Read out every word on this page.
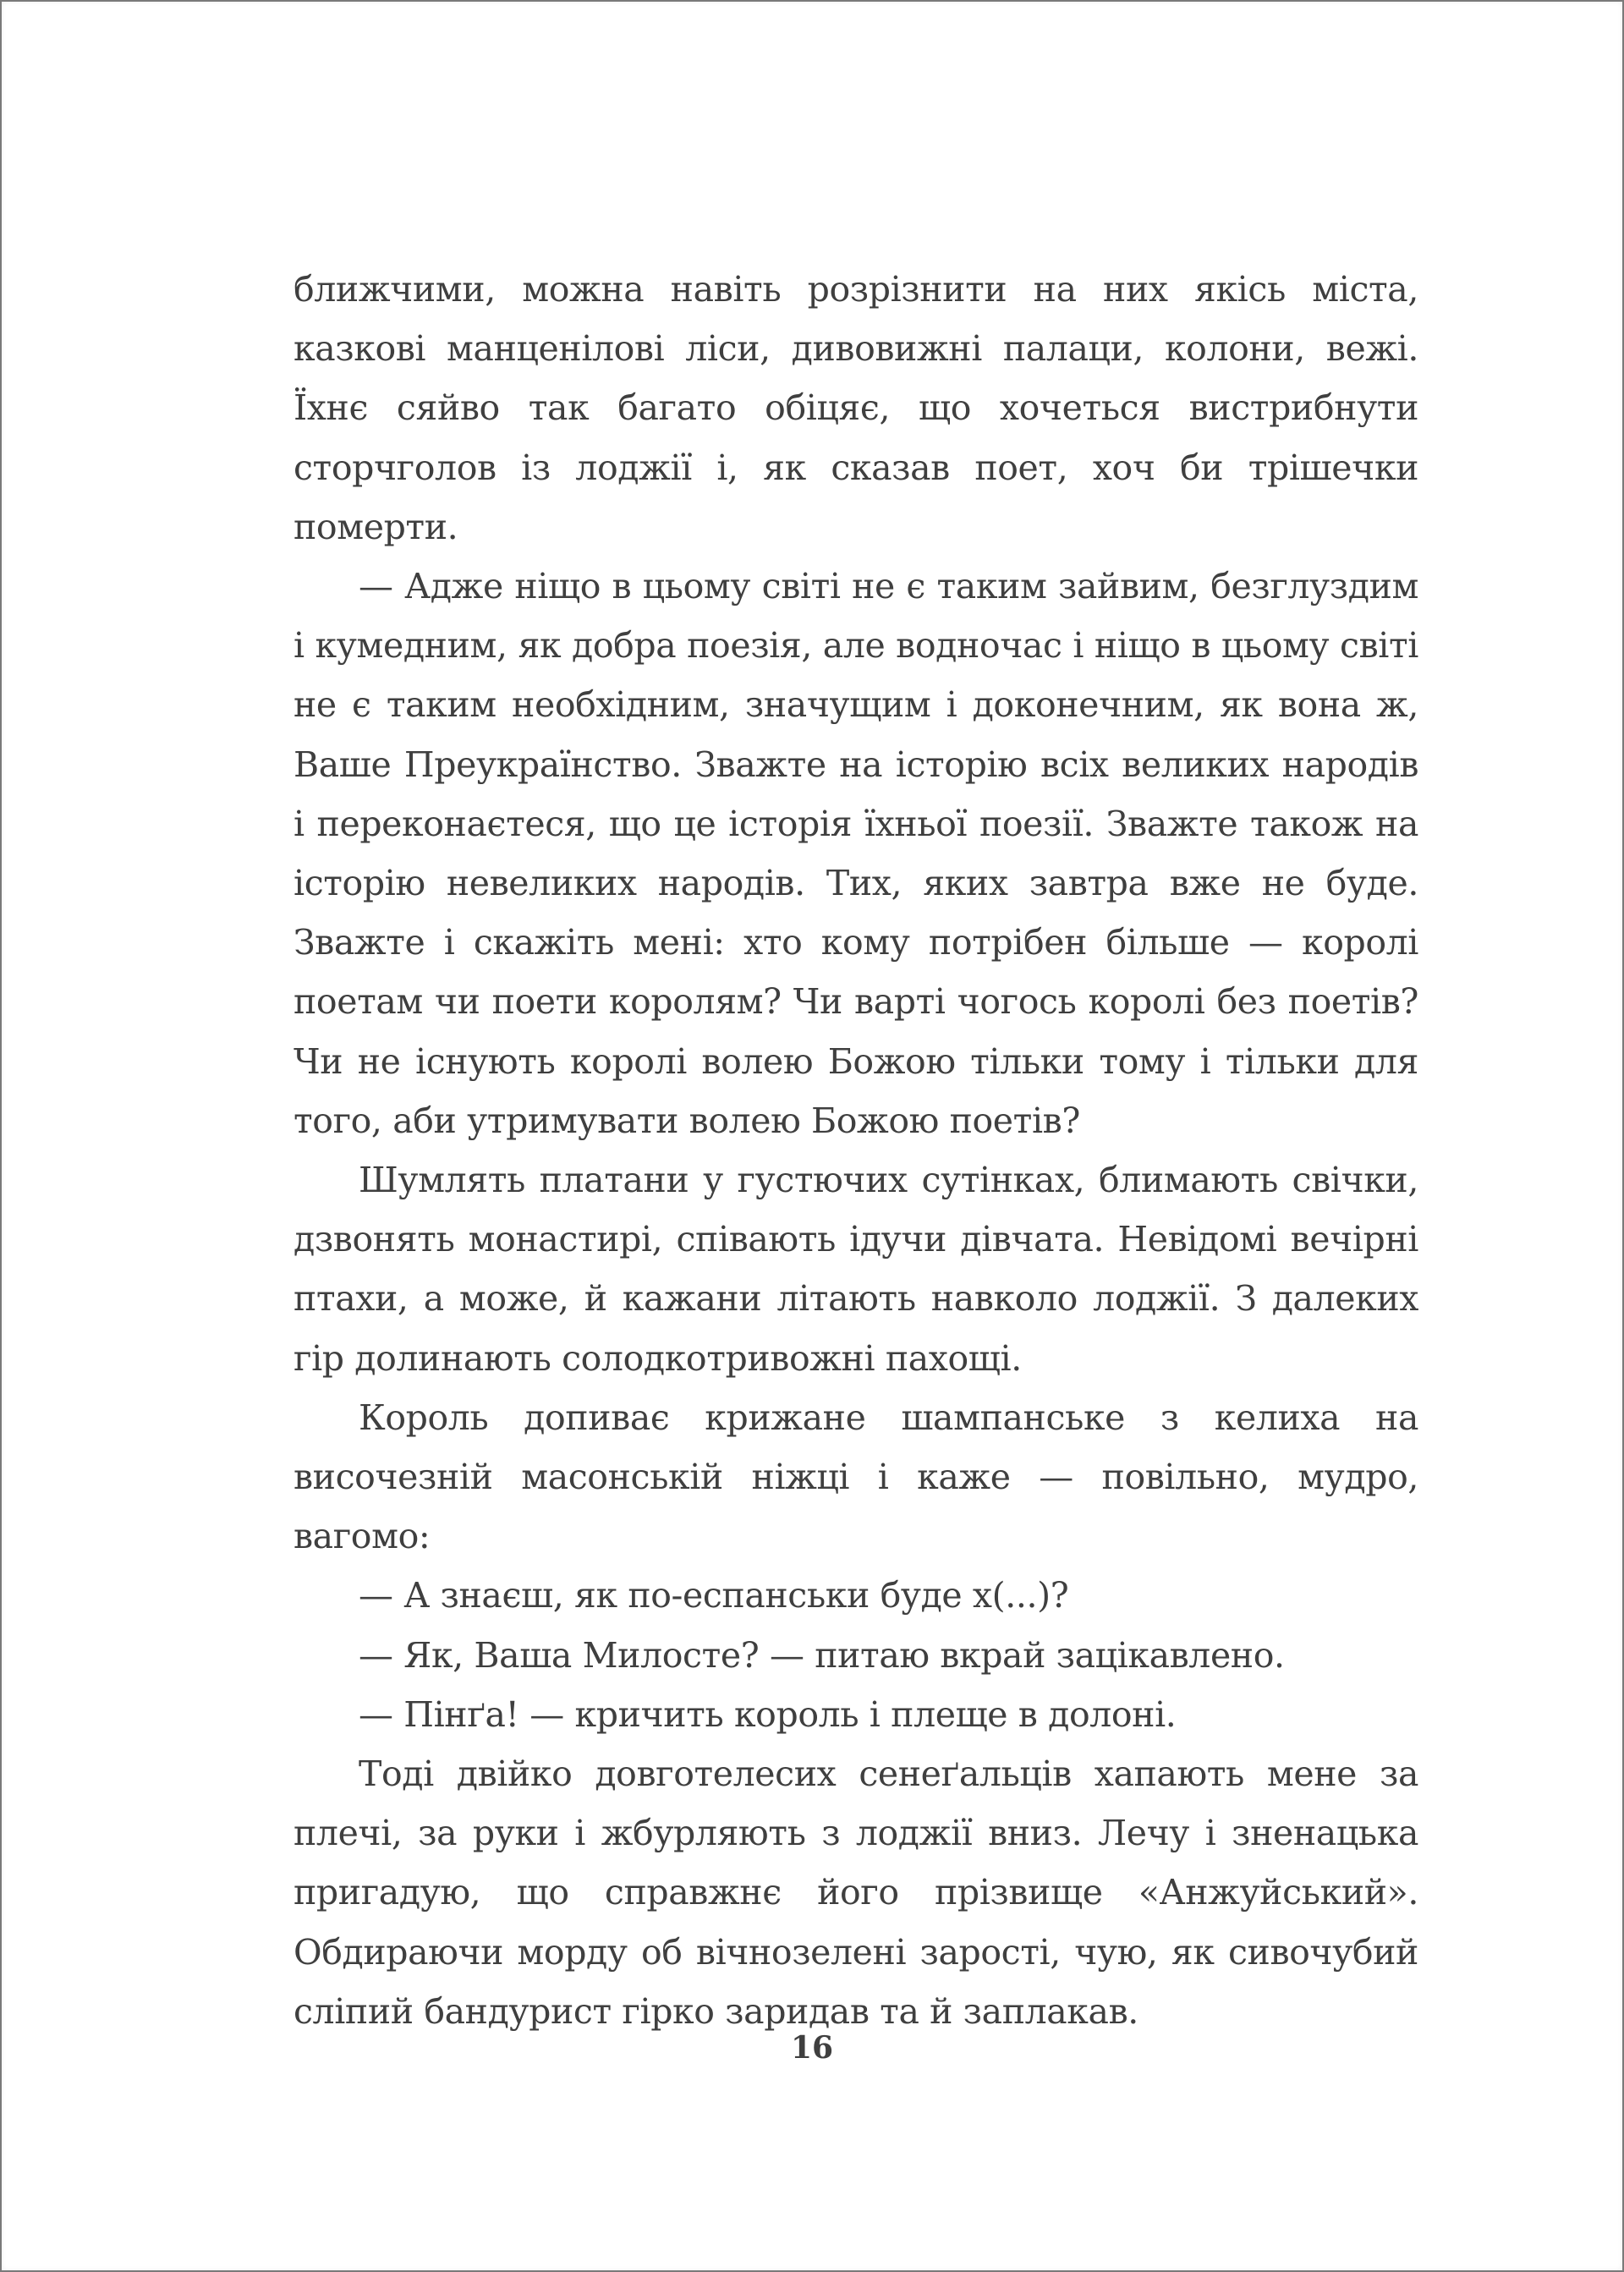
ближчими, можна навіть розрізнити на них якісь міста, казкові манценілові ліси, дивовижні палаци, колони, вежі. Їхнє сяйво так багато обіцяє, що хочеться вистрибнути сторчголов із лоджії і, як сказав поет, хоч би трішечки померти.

— Адже ніщо в цьому світі не є таким зайвим, безглуздим і кумедним, як добра поезія, але водночас і ніщо в цьому світі не є таким необхідним, значущим і доконечним, як вона ж, Ваше Преукраїнство. Зважте на історію всіх великих народів і переконаєтеся, що це історія їхньої поезії. Зважте також на історію невеликих народів. Тих, яких завтра вже не буде. Зважте і скажіть мені: хто кому потрібен більше — королі поетам чи поети королям? Чи варті чогось королі без поетів? Чи не існують королі волею Божою тільки тому і тільки для того, аби утримувати волею Божою поетів?

Шумлять платани у густючих сутінках, блимають свічки, дзвонять монастирі, співають ідучи дівчата. Невідомі вечірні птахи, а може, й кажани літають навколо лоджії. З далеких гір долинають солодкотривожні пахощі.

Король допиває крижане шампанське з келиха на височезній масонській ніжці і каже — повільно, мудро, вагомо:

— А знаєш, як по-еспанськи буде х(...)?

— Як, Ваша Милосте? — питаю вкрай зацікавлено.

— Пінґа! — кричить король і плеще в долоні.

Тоді двійко довготелесих сенеґальців хапають мене за плечі, за руки і жбурляють з лоджії вниз. Лечу і зненацька пригадую, що справжнє його прізвище «Анжуйський». Обдираючи морду об вічнозелені зарості, чую, як сивочубий сліпий бандурист гірко заридав та й заплакав.

16
